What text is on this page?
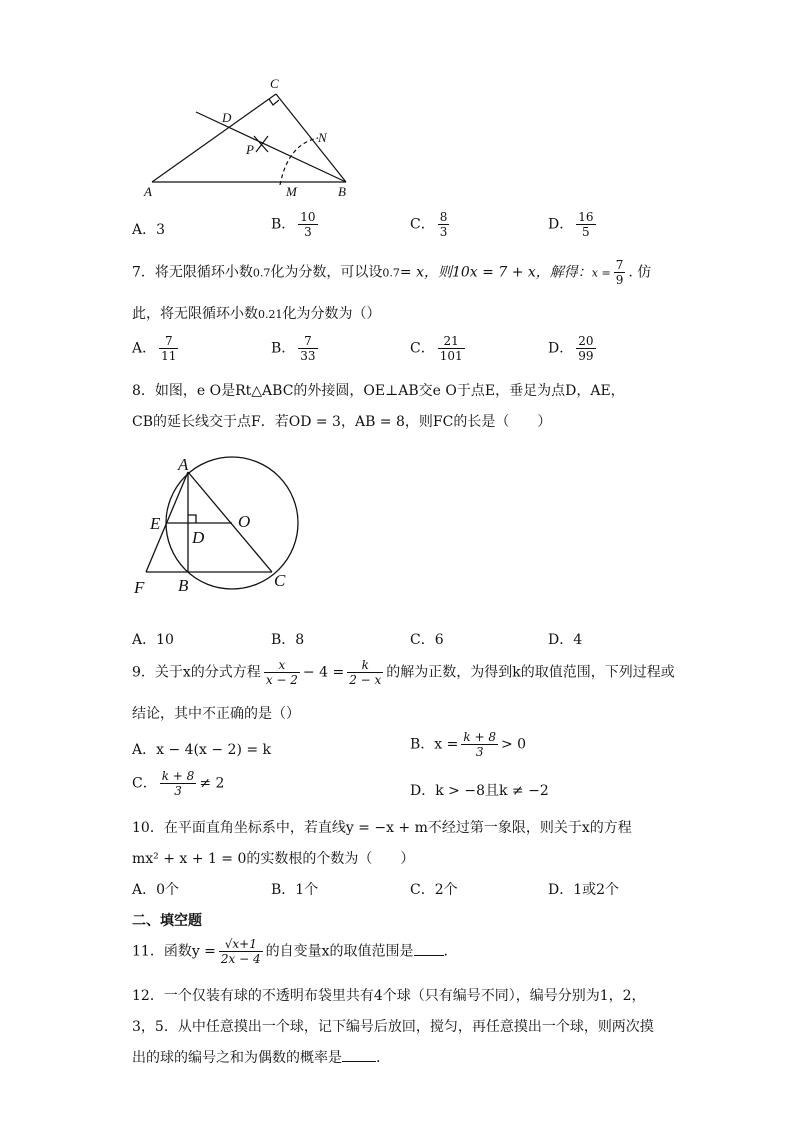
C
D
N
P
A	M	B
A．3	B． $\frac{10}{3}$	C． $\frac{8}{3}$	D． $\frac{16}{5}$
7．将无限循环小数0.7化为分数，可以设0.7= x，则10x = 7 + x，解得：$x = \frac{7}{9}$ . 仿
此，将无限循环小数0.21化为分数为（）
A． $\frac{7}{11}$	B． $\frac{7}{33}$	C． $\frac{21}{101}$	D． $\frac{20}{99}$
8．如图，e O是Rt△ABC的外接圆，OE⊥AB交e O于点E，垂足为点D，AE，
CB的延长线交于点F．若OD = 3，AB = 8，则FC的长是（　　）
A
E	O
D
F B	C
A．10	B．8	C．6	D．4
9．关于x的分式方程 $\frac{x}{x - 2} - 4 = \frac{k}{2 - x}$ 的解为正数，为得到k的取值范围，下列过程或
结论，其中不正确的是（）
A．x − 4(x − 2) = k	B．$x = \frac{k + 8}{3} > 0$
C． $\frac{k + 8}{3} \ne 2$	D．k > −8且k ≠ −2
10．在平面直角坐标系中，若直线y = −x + m不经过第一象限，则关于x的方程
mx² + x + 1 = 0的实数根的个数为（　　）
A．0个	B．1个	C．2个	D．1或2个
二、填空题
11．函数$y = \frac{√x+1}{2x - 4}$ 的自变量x的取值范围是 .
12．一个仅装有球的不透明布袋里共有4个球（只有编号不同），编号分别为1，2，
3，5．从中任意摸出一个球，记下编号后放回，搅匀，再任意摸出一个球，则两次摸
出的球的编号之和为偶数的概率是 .
